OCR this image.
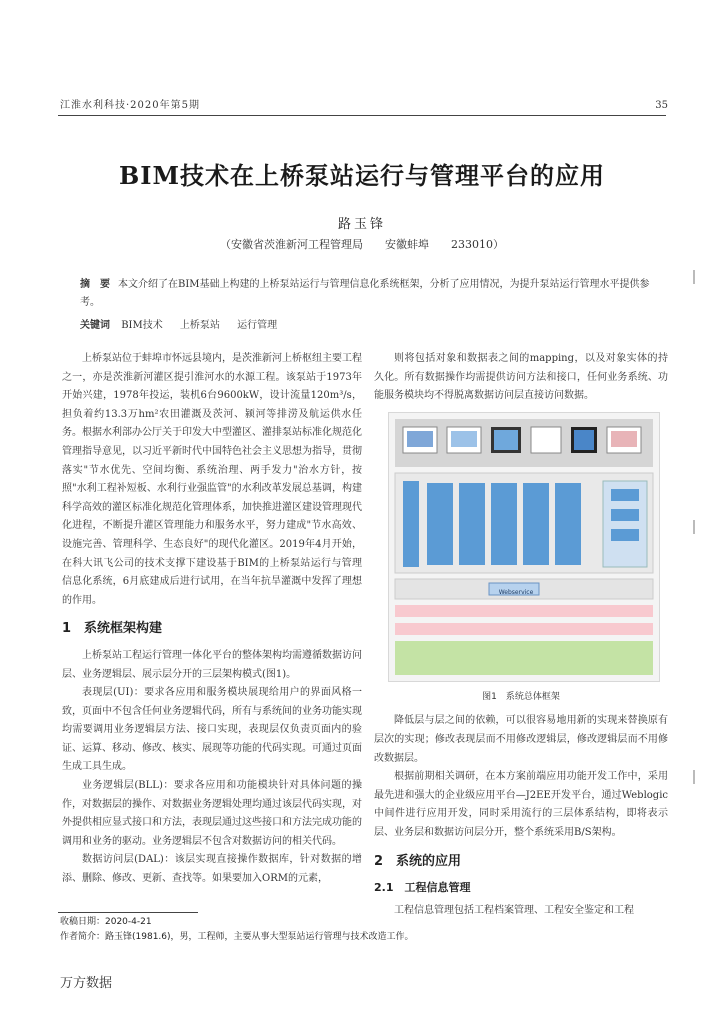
江淮水利科技·2020年第5期	35
BIM技术在上桥泵站运行与管理平台的应用
路玉锋
（安徽省茨淮新河工程管理局　　安徽蚌埠　　233010）
摘　要 本文介绍了在BIM基础上构建的上桥泵站运行与管理信息化系统框架，分析了应用情况，为提升泵站运行管理水平提供参考。
关键词 BIM技术 上桥泵站 运行管理

上桥泵站位于蚌埠市怀远县境内，是茨淮新河上桥枢纽主要工程之一，亦是茨淮新河灌区提引淮河水的水源工程。该泵站于1973年开始兴建，1978年投运，装机6台9600kW，设计流量120m³/s，担负着约13.3万hm²农田灌溉及茨河、颍河等排涝及航运供水任务。根据水利部办公厅关于印发大中型灌区、灌排泵站标准化规范化管理指导意见，以习近平新时代中国特色社会主义思想为指导，贯彻落实"节水优先、空间均衡、系统治理、两手发力"治水方针，按照"水利工程补短板、水利行业强监管"的水利改革发展总基调，构建科学高效的灌区标准化规范化管理体系，加快推进灌区建设管理现代化进程，不断提升灌区管理能力和服务水平，努力建成"节水高效、设施完善、管理科学、生态良好"的现代化灌区。2019年4月开始，在科大讯飞公司的技术支撑下建设基于BIM的上桥泵站运行与管理信息化系统，6月底建成后进行试用，在当年抗旱灌溉中发挥了理想的作用。

1　系统框架构建

上桥泵站工程运行管理一体化平台的整体架构均需遵循数据访问层、业务逻辑层、展示层分开的三层架构模式(图1)。

表现层(UI)：要求各应用和服务模块展现给用户的界面风格一致，页面中不包含任何业务逻辑代码，所有与系统间的业务功能实现均需要调用业务逻辑层方法、接口实现，表现层仅负责页面内的验证、运算、移动、修改、核实、展现等功能的代码实现。可通过页面生成工具生成。

业务逻辑层(BLL)：要求各应用和功能模块针对具体问题的操作，对数据层的操作、对数据业务逻辑处理均通过该层代码实现，对外提供相应显式接口和方法，表现层通过这些接口和方法完成功能的调用和业务的驱动。业务逻辑层不包含对数据访问的相关代码。

数据访问层(DAL)：该层实现直接操作数据库，针对数据的增添、删除、修改、更新、查找等。如果要加入ORM的元素，

则将包括对象和数据表之间的mapping，以及对象实体的持久化。所有数据操作均需提供访问方法和接口，任何业务系统、功能服务模块均不得脱离数据访问层直接访问数据。

Webservice
图1　系统总体框架

降低层与层之间的依赖，可以很容易地用新的实现来替换原有层次的实现；修改表现层而不用修改逻辑层，修改逻辑层而不用修改数据层。

根据前期相关调研，在本方案前端应用功能开发工作中，采用最先进和强大的企业级应用平台—J2EE开发平台，通过Weblogic中间件进行应用开发，同时采用流行的三层体系结构，即将表示层、业务层和数据访问层分开，整个系统采用B/S架构。

2　系统的应用
2.1　工程信息管理

工程信息管理包括工程档案管理、工程安全鉴定和工程

收稿日期：2020-4-21
作者简介：路玉锋(1981.6)，男，工程师，主要从事大型泵站运行管理与技术改造工作。
万方数据
